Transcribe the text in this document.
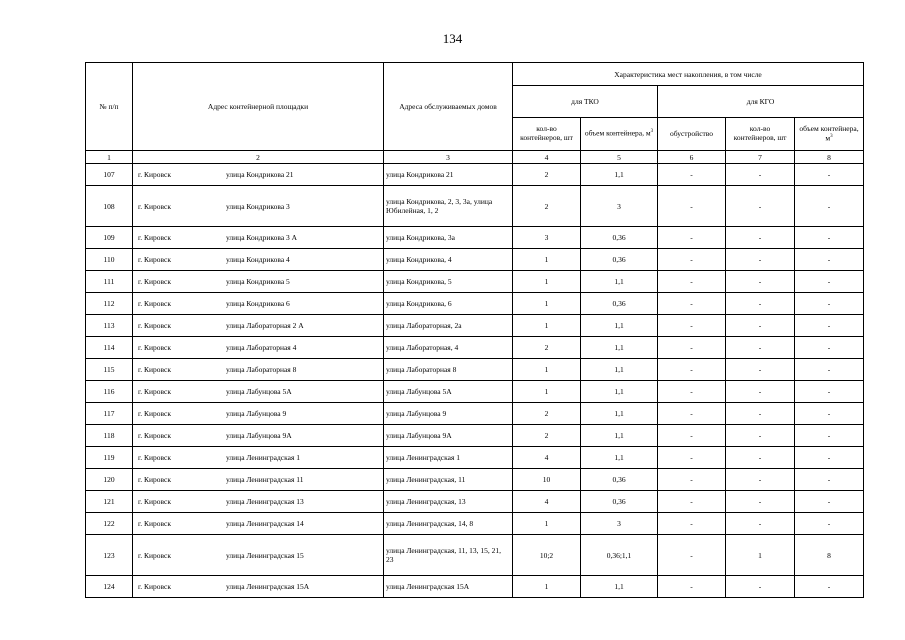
134
№ п/п	Адрес контейнерной площадки	Адреса обслуживаемых домов	Характеристика мест накопления, в том числе				
			для ТКО		для КГО		
			кол-во контейнеров, шт	объем контейнера, $м^3$	обустройство	кол-во контейнеров, шт	объем контейнера, $м^3$
1	2	3	4	5	6	7	8
107	г. Кировск улица Кондрикова 21	улица Кондрикова 21	2	1,1	-	-	-
108	г. Кировск улица Кондрикова 3	улица Кондрикова, 2, 3, 3а, улица Юбилейная, 1, 2	2	3	-	-	-
109	г. Кировск улица Кондрикова 3 А	улица Кондрикова, 3а	3	0,36	-	-	-
110	г. Кировск улица Кондрикова 4	улица Кондрикова, 4	1	0,36	-	-	-
111	г. Кировск улица Кондрикова 5	улица Кондрикова, 5	1	1,1	-	-	-
112	г. Кировск улица Кондрикова 6	улица Кондрикова, 6	1	0,36	-	-	-
113	г. Кировск улица Лабораторная 2 А	улица Лабораторная, 2а	1	1,1	-	-	-
114	г. Кировск улица Лабораторная 4	улица Лабораторная, 4	2	1,1	-	-	-
115	г. Кировск улица Лабораторная 8	улица Лабораторная 8	1	1,1	-	-	-
116	г. Кировск улица Лабунцова 5А	улица Лабунцова 5А	1	1,1	-	-	-
117	г. Кировск улица Лабунцова 9	улица Лабунцова 9	2	1,1	-	-	-
118	г. Кировск улица Лабунцова 9А	улица Лабунцова 9А	2	1,1	-	-	-
119	г. Кировск улица Ленинградская 1	улица Ленинградская 1	4	1,1	-	-	-
120	г. Кировск улица Ленинградская 11	улица Ленинградская, 11	10	0,36	-	-	-
121	г. Кировск улица Ленинградская 13	улица Ленинградская, 13	4	0,36	-	-	-
122	г. Кировск улица Ленинградская 14	улица Ленинградская, 14, 8	1	3	-	-	-
123	г. Кировск улица Ленинградская 15	улица Ленинградская, 11, 13, 15, 21, 23	10;2	0,36;1,1	-	1	8
124	г. Кировск улица Ленинградская 15А	улица Ленинградская 15А	1	1,1	-	-	-
